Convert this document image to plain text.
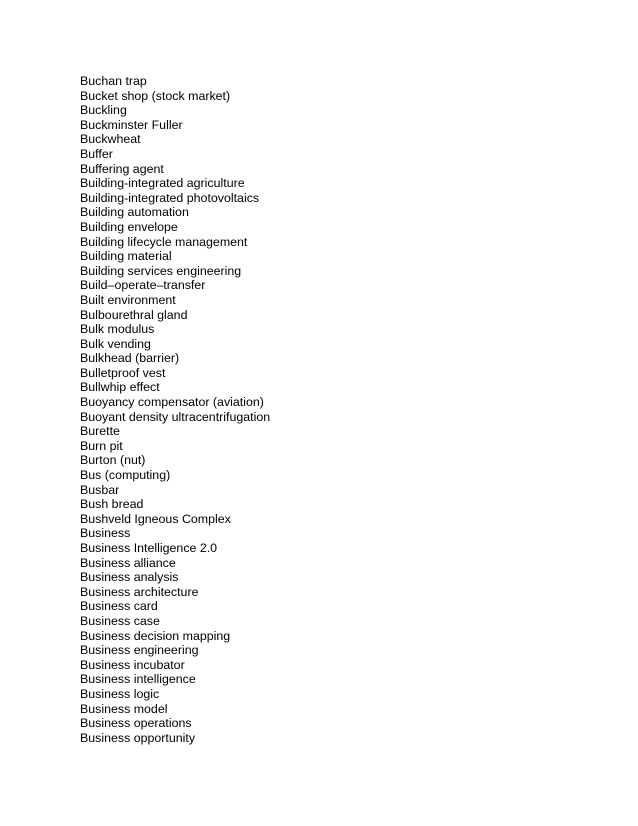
Buchan trap
Bucket shop (stock market)
Buckling
Buckminster Fuller
Buckwheat
Buffer
Buffering agent
Building-integrated agriculture
Building-integrated photovoltaics
Building automation
Building envelope
Building lifecycle management
Building material
Building services engineering
Build–operate–transfer
Built environment
Bulbourethral gland
Bulk modulus
Bulk vending
Bulkhead (barrier)
Bulletproof vest
Bullwhip effect
Buoyancy compensator (aviation)
Buoyant density ultracentrifugation
Burette
Burn pit
Burton (nut)
Bus (computing)
Busbar
Bush bread
Bushveld Igneous Complex
Business
Business Intelligence 2.0
Business alliance
Business analysis
Business architecture
Business card
Business case
Business decision mapping
Business engineering
Business incubator
Business intelligence
Business logic
Business model
Business operations
Business opportunity
